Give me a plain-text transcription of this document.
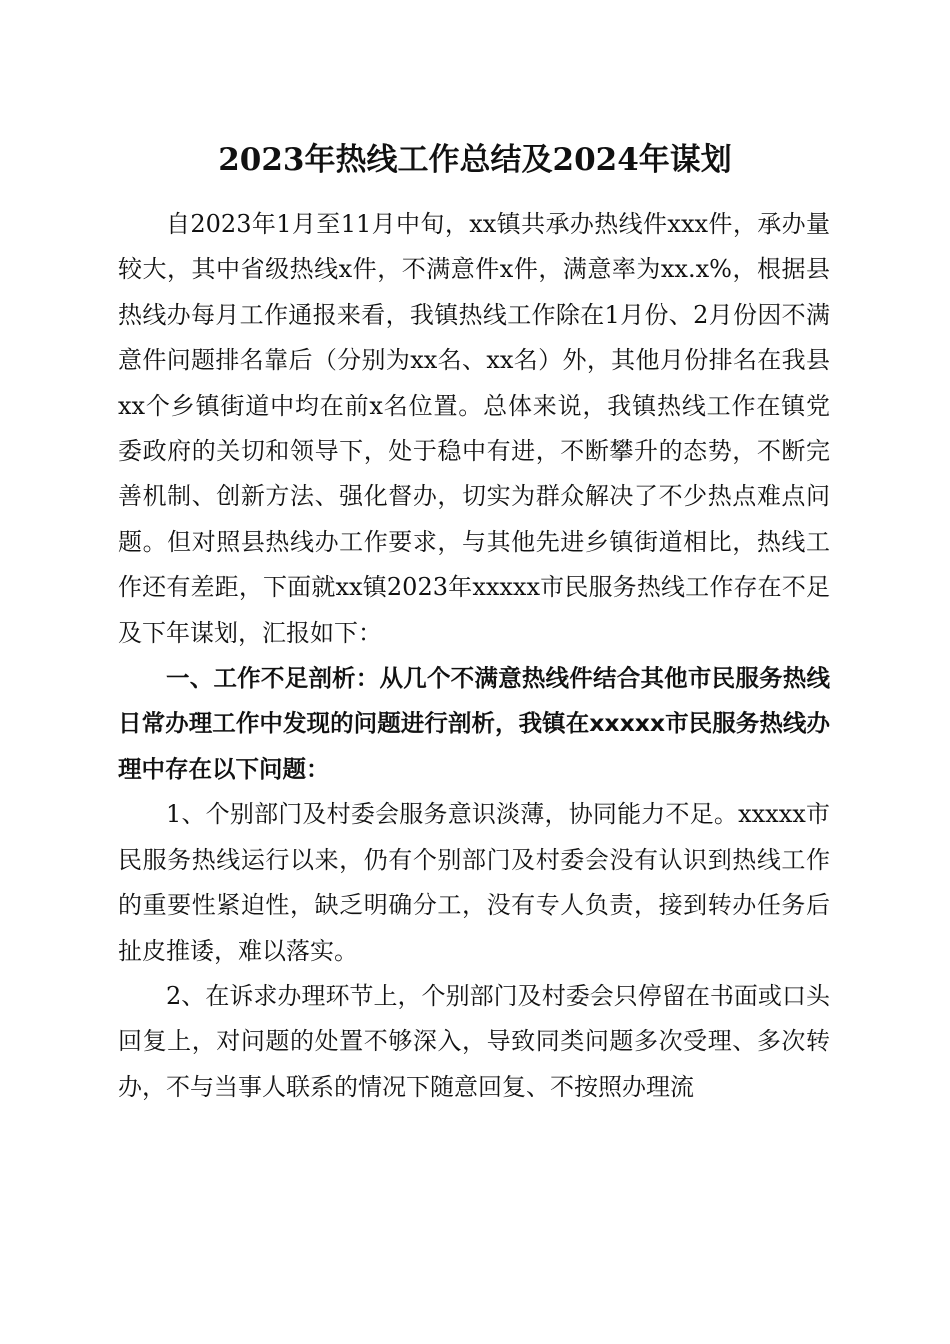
2023年热线工作总结及2024年谋划

自2023年1月至11月中旬，xx镇共承办热线件xxx件，承办量较大，其中省级热线x件，不满意件x件，满意率为xx.x%，根据县热线办每月工作通报来看，我镇热线工作除在1月份、2月份因不满意件问题排名靠后（分别为xx名、xx名）外，其他月份排名在我县xx个乡镇街道中均在前x名位置。总体来说，我镇热线工作在镇党委政府的关切和领导下，处于稳中有进，不断攀升的态势，不断完善机制、创新方法、强化督办，切实为群众解决了不少热点难点问题。但对照县热线办工作要求，与其他先进乡镇街道相比，热线工作还有差距，下面就xx镇2023年xxxxx市民服务热线工作存在不足及下年谋划，汇报如下：

一、工作不足剖析：从几个不满意热线件结合其他市民服务热线日常办理工作中发现的问题进行剖析，我镇在xxxxx市民服务热线办理中存在以下问题：

1、个别部门及村委会服务意识淡薄，协同能力不足。xxxxx市民服务热线运行以来，仍有个别部门及村委会没有认识到热线工作的重要性紧迫性，缺乏明确分工，没有专人负责，接到转办任务后扯皮推诿，难以落实。

2、在诉求办理环节上，个别部门及村委会只停留在书面或口头回复上，对问题的处置不够深入，导致同类问题多次受理、多次转办，不与当事人联系的情况下随意回复、不按照办理流
